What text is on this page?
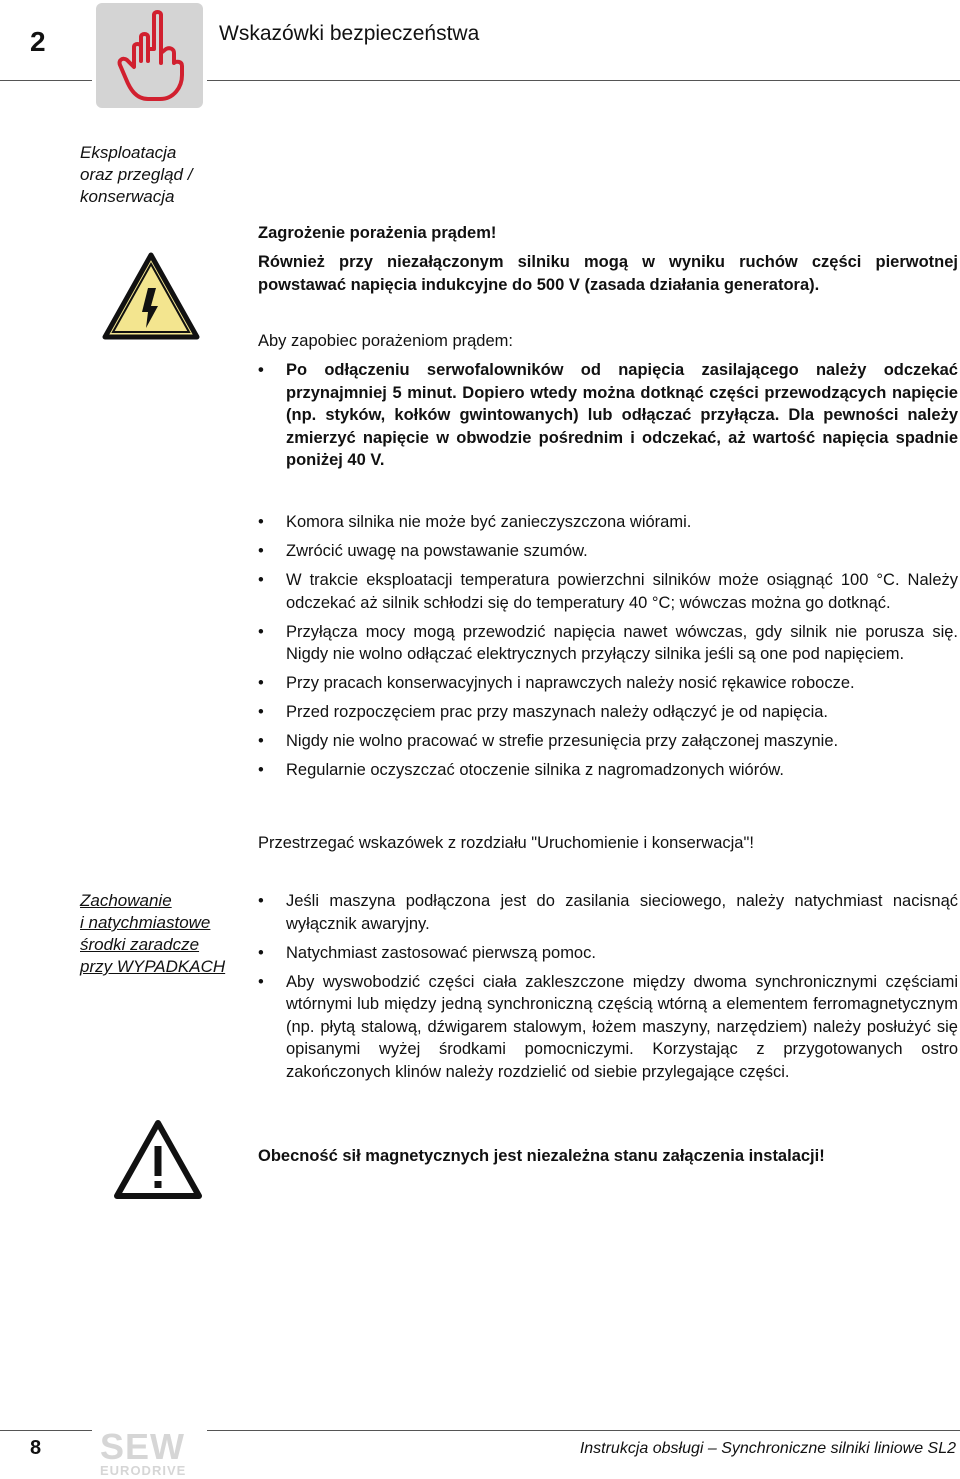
2	Wskazówki bezpieczeństwa
Eksploatacja
oraz przegląd /
konserwacja
Zagrożenie porażenia prądem!
Również przy niezałączonym silniku mogą w wyniku ruchów części pierwotnej powstawać napięcia indukcyjne do 500 V (zasada działania generatora).
Aby zapobiec porażeniom prądem:
• Po odłączeniu serwofalowników od napięcia zasilającego należy odczekać przynajmniej 5 minut. Dopiero wtedy można dotknąć części przewodzących napięcie (np. styków, kołków gwintowanych) lub odłączać przyłącza. Dla pewności należy zmierzyć napięcie w obwodzie pośrednim i odczekać, aż wartość napięcia spadnie poniżej 40 V.
• Komora silnika nie może być zanieczyszczona wiórami.
• Zwrócić uwagę na powstawanie szumów.
• W trakcie eksploatacji temperatura powierzchni silników może osiągnąć 100 °C. Należy odczekać aż silnik schłodzi się do temperatury 40 °C; wówczas można go dotknąć.
• Przyłącza mocy mogą przewodzić napięcia nawet wówczas, gdy silnik nie porusza się. Nigdy nie wolno odłączać elektrycznych przyłączy silnika jeśli są one pod napięciem.
• Przy pracach konserwacyjnych i naprawczych należy nosić rękawice robocze.
• Przed rozpoczęciem prac przy maszynach należy odłączyć je od napięcia.
• Nigdy nie wolno pracować w strefie przesunięcia przy załączonej maszynie.
• Regularnie oczyszczać otoczenie silnika z nagromadzonych wiórów.
Przestrzegać wskazówek z rozdziału "Uruchomienie i konserwacja"!
Zachowanie
i natychmiastowe
środki zaradcze
przy WYPADKACH
• Jeśli maszyna podłączona jest do zasilania sieciowego, należy natychmiast nacisnąć wyłącznik awaryjny.
• Natychmiast zastosować pierwszą pomoc.
• Aby wyswobodzić części ciała zakleszczone między dwoma synchronicznymi częściami wtórnymi lub między jedną synchroniczną częścią wtórną a elementem ferromagnetycznym (np. płytą stalową, dźwigarem stalowym, łożem maszyny, narzędziem) należy posłużyć się opisanymi wyżej środkami pomocniczymi. Korzystając z przygotowanych ostro zakończonych klinów należy rozdzielić od siebie przylegające części.
Obecność sił magnetycznych jest niezależna stanu załączenia instalacji!
8 SEW
EURODRIVE
Instrukcja obsługi – Synchroniczne silniki liniowe SL2
